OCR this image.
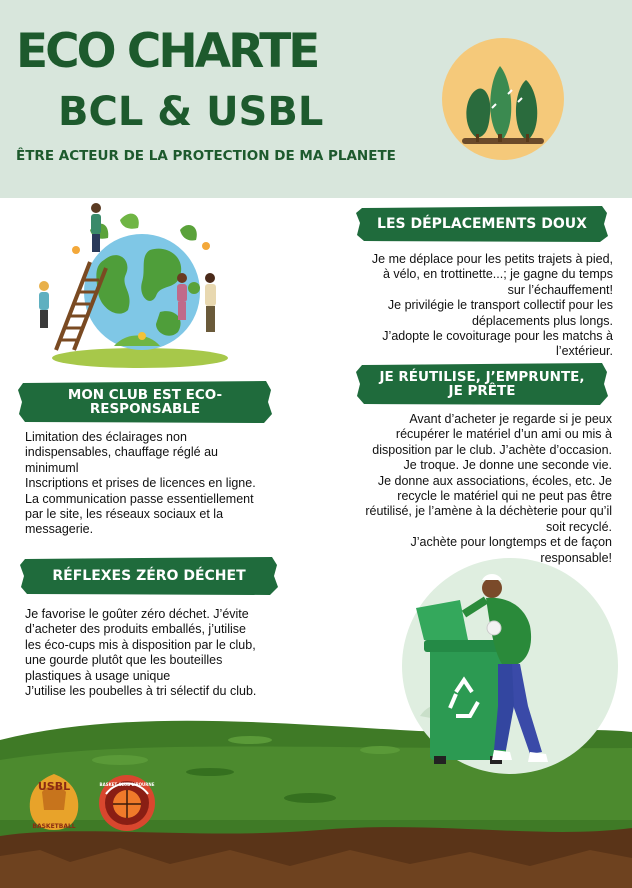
ECO CHARTE
BCL & USBL
ÊTRE ACTEUR DE LA PROTECTION DE MA PLANETE
LES DÉPLACEMENTS DOUX
Je me déplace pour les petits trajets à pied,
à vélo, en trottinette...; je gagne du temps
sur l’échauffement!
Je privilégie le transport collectif pour les
déplacements plus longs.
J’adopte le covoiturage pour les matchs à
l’extérieur.
MON CLUB EST ECO-RESPONSABLE
Limitation des éclairages non
indispensables, chauffage réglé au
minimuml
Inscriptions et prises de licences en ligne.
La communication passe essentiellement
par le site, les réseaux sociaux et la
messagerie.
JE RÉUTILISE, J’EMPRUNTE, JE PRÊTE
Avant d’acheter je regarde si je peux
récupérer le matériel d’un ami ou mis à
disposition par le club. J’achète d’occasion.
Je troque. Je donne une seconde vie.
Je donne aux associations, écoles, etc. Je
recycle le matériel qui ne peut pas être
réutilisé, je l’amène à la déchèterie pour qu’il
soit recyclé.
J’achète pour longtemps et de façon
responsable!
RÉFLEXES ZÉRO DÉCHET
Je favorise le goûter zéro déchet. J’évite
d’acheter des produits emballés, j’utilise
les éco-cups mis à disposition par le club,
une gourde plutôt que les bouteilles
plastiques à usage unique
J’utilise les poubelles à tri sélectif du club.
USBL
BASKETBALL
BASKET CLUB LIBOURNE
